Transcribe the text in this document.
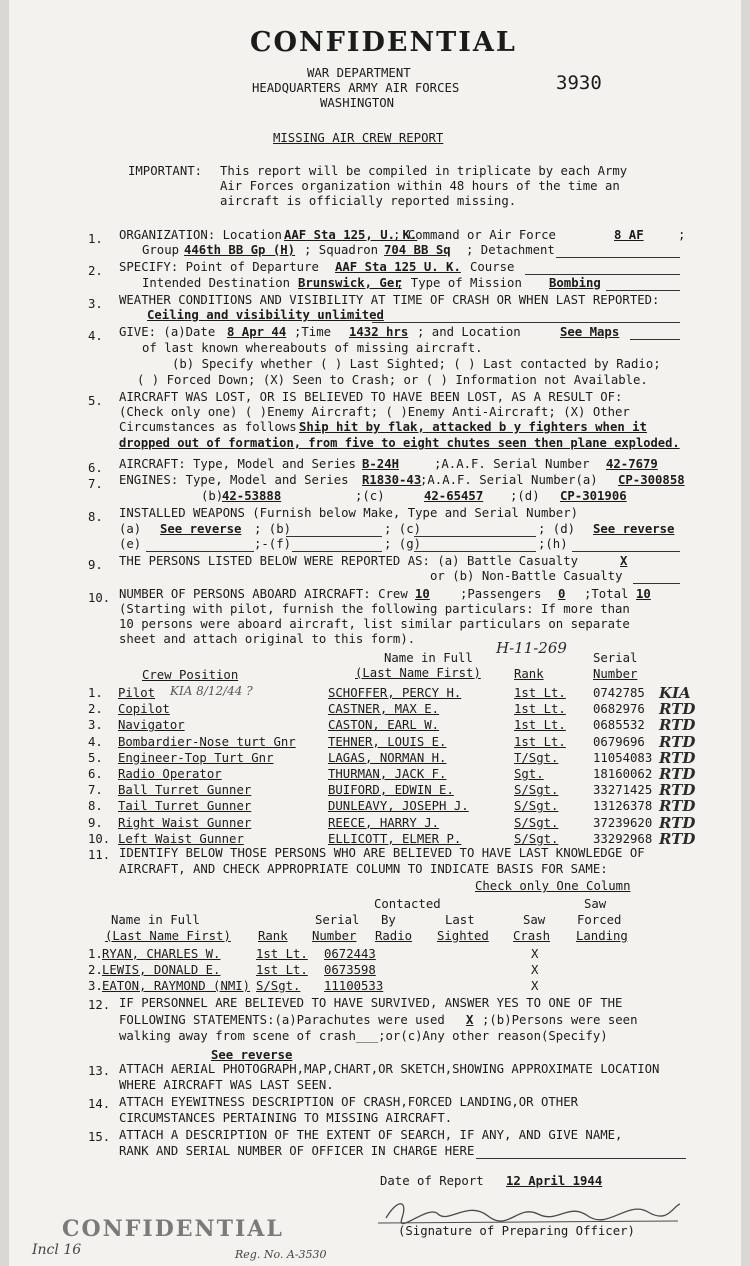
CONFIDENTIAL
WAR DEPARTMENT
HEADQUARTERS ARMY AIR FORCES
WASHINGTON
3930
MISSING AIR CREW REPORT
IMPORTANT: This report will be compiled in triplicate by each Army
Air Forces organization within 48 hours of the time an
aircraft is officially reported missing.
1. ORGANIZATION: Location AAF Sta 125, U. K.
; Command or Air Force	8 AF	;
Group 446th BB Gp (H) ; Squadron 704 BB Sq ; Detachment
2. SPECIFY: Point of Departure AAF Sta 125 U. K. Course
Intended Destination Brunswick, Ger
; Type of Mission Bombing
3. WEATHER CONDITIONS AND VISIBILITY AT TIME OF CRASH OR WHEN LAST REPORTED:
Ceiling and visibility unlimited
4. GIVE: (a)Date 8 Apr 44 ;Time 1432 hrs ; and Location	See Maps
of last known whereabouts of missing aircraft.
(b) Specify whether ( ) Last Sighted; ( ) Last contacted by Radio;
( ) Forced Down; (X) Seen to Crash; or ( ) Information not Available.
5. AIRCRAFT WAS LOST, OR IS BELIEVED TO HAVE BEEN LOST, AS A RESULT OF:
(Check only one) ( )Enemy Aircraft; ( )Enemy Anti-Aircraft; (X) Other
Circumstances as follows Ship hit by flak, attacked b y fighters when it
dropped out of formation, from five to eight chutes seen then plane exploded.
6. AIRCRAFT: Type, Model and Series B-24H	;A.A.F. Serial Number 42-7679
7. ENGINES: Type, Model and Series R1830-43
;A.A.F. Serial Number(a) CP-300858
(b)
42-53888	;(c)	42-65457 ;(d) CP-301906
8. INSTALLED WEAPONS (Furnish below Make, Type and Serial Number)
(a) See reverse ; (b)	; (c)	; (d) See reverse
(e)	;-(f)	; (g)	;(h)
9. THE PERSONS LISTED BELOW WERE REPORTED AS: (a) Battle Casualty	X
or (b) Non-Battle Casualty
10. NUMBER OF PERSONS ABOARD AIRCRAFT: Crew 10 ;Passengers 0 ;Total 10
(Starting with pilot, furnish the following particulars: If more than
10 persons were aboard aircraft, list similar particulars on separate
sheet and attach original to this form).	H-11-269
Name in Full	Serial
Crew Position	(Last Name First)	Rank	Number
1. Pilot	SCHOFFER, PERCY H.	1st Lt. 0742785 KIA
2. Copilot	CASTNER, MAX E.	1st Lt. 0682976 RTD
3. Navigator	CASTON, EARL W.	1st Lt. 0685532 RTD
4. Bombardier-Nose turt Gnr	TEHNER, LOUIS E.	1st Lt. 0679696 RTD
5. Engineer-Top Turt Gnr	LAGAS, NORMAN H.	T/Sgt.	11054083 RTD
6. Radio Operator	THURMAN, JACK F.	Sgt.	18160062 RTD
7. Ball Turret Gunner	BUIFORD, EDWIN E.	S/Sgt.	33271425 RTD
8. Tail Turret Gunner	DUNLEAVY, JOSEPH J.	S/Sgt.	13126378 RTD
9. Right Waist Gunner	REECE, HARRY J.	S/Sgt.	37239620 RTD
10. Left Waist Gunner	ELLICOTT, ELMER P.	S/Sgt.	33292968 RTD
KIA 8/12/44 ?
11. IDENTIFY BELOW THOSE PERSONS WHO ARE BELIEVED TO HAVE LAST KNOWLEDGE OF
AIRCRAFT, AND CHECK APPROPRIATE COLUMN TO INDICATE BASIS FOR SAME:
Check only One Column
Contacted	Saw
Name in Full	Serial By	Last	Saw	Forced
(Last Name First) Rank Number Radio Sighted Crash Landing
1. RYAN, CHARLES W.	1st Lt. 0672443	X
2. LEWIS, DONALD E.	1st Lt. 0673598	X
3. EATON, RAYMOND (NMI) S/Sgt. 11100533	X
12. IF PERSONNEL ARE BELIEVED TO HAVE SURVIVED, ANSWER YES TO ONE OF THE
FOLLOWING STATEMENTS:(a)Parachutes were used X ;(b)Persons were seen
walking away from scene of crash___;or(c)Any other reason(Specify)
See reverse
13. ATTACH AERIAL PHOTOGRAPH,MAP,CHART,OR SKETCH,SHOWING APPROXIMATE LOCATION
WHERE AIRCRAFT WAS LAST SEEN.
14. ATTACH EYEWITNESS DESCRIPTION OF CRASH,FORCED LANDING,OR OTHER
CIRCUMSTANCES PERTAINING TO MISSING AIRCRAFT.
15. ATTACH A DESCRIPTION OF THE EXTENT OF SEARCH, IF ANY, AND GIVE NAME,
RANK AND SERIAL NUMBER OF OFFICER IN CHARGE HERE
Date of Report 12 April 1944
(Signature of Preparing Officer)
CONFIDENTIAL
Incl 16	Reg. No. A-3530
